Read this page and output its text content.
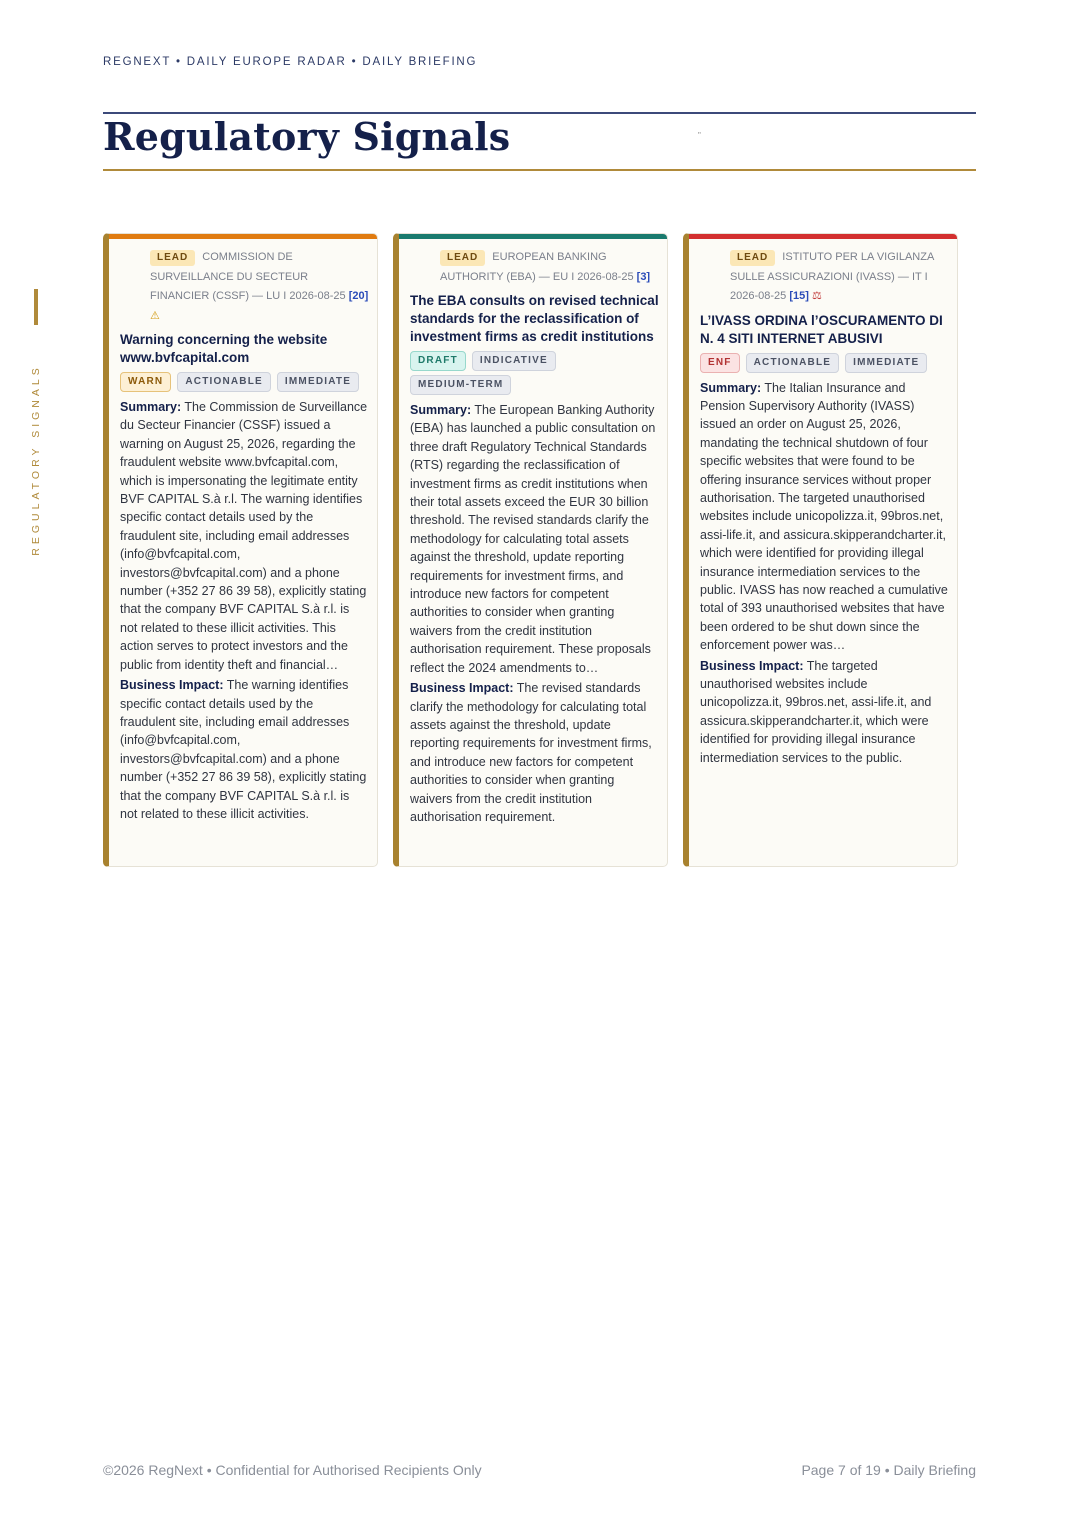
REGNEXT • DAILY EUROPE RADAR • DAILY BRIEFING
Regulatory Signals	"
REGULATORY SIGNALS
LEAD COMMISSION DE SURVEILLANCE DU SECTEUR FINANCIER (CSSF) — LU I 2026-08-25 [20] ⚠
Warning concerning the website www.bvfcapital.com
WARN ACTIONABLE IMMEDIATE

Summary: The Commission de Surveillance du Secteur Financier (CSSF) issued a warning on August 25, 2026, regarding the fraudulent website www.bvfcapital.com, which is impersonating the legitimate entity BVF CAPITAL S.à r.l. The warning identifies specific contact details used by the fraudulent site, including email addresses (info@bvfcapital.com, investors@bvfcapital.com) and a phone number (+352 27 86 39 58), explicitly stating that the company BVF CAPITAL S.à r.l. is not related to these illicit activities. This action serves to protect investors and the public from identity theft and financial…

Business Impact: The warning identifies specific contact details used by the fraudulent site, including email addresses (info@bvfcapital.com, investors@bvfcapital.com) and a phone number (+352 27 86 39 58), explicitly stating that the company BVF CAPITAL S.à r.l. is not related to these illicit activities.

LEAD EUROPEAN BANKING AUTHORITY (EBA) — EU I 2026-08-25 [3]
The EBA consults on revised technical standards for the reclassification of investment firms as credit institutions
DRAFT INDICATIVE MEDIUM-TERM

Summary: The European Banking Authority (EBA) has launched a public consultation on three draft Regulatory Technical Standards (RTS) regarding the reclassification of investment firms as credit institutions when their total assets exceed the EUR 30 billion threshold. The revised standards clarify the methodology for calculating total assets against the threshold, update reporting requirements for investment firms, and introduce new factors for competent authorities to consider when granting waivers from the credit institution authorisation requirement. These proposals reflect the 2024 amendments to…

Business Impact: The revised standards clarify the methodology for calculating total assets against the threshold, update reporting requirements for investment firms, and introduce new factors for competent authorities to consider when granting waivers from the credit institution authorisation requirement.

LEAD ISTITUTO PER LA VIGILANZA SULLE ASSICURAZIONI (IVASS) — IT I 2026-08-25 [15] ⚖
L’IVASS ORDINA l’OSCURAMENTO DI N. 4 SITI INTERNET ABUSIVI
ENF ACTIONABLE IMMEDIATE

Summary: The Italian Insurance and Pension Supervisory Authority (IVASS) issued an order on August 25, 2026, mandating the technical shutdown of four specific websites that were found to be offering insurance services without proper authorisation. The targeted unauthorised websites include unicopolizza.it, 99bros.net, assi-life.it, and assicura.skipperandcharter.it, which were identified for providing illegal insurance intermediation services to the public. IVASS has now reached a cumulative total of 393 unauthorised websites that have been ordered to be shut down since the enforcement power was…

Business Impact: The targeted unauthorised websites include unicopolizza.it, 99bros.net, assi-life.it, and assicura.skipperandcharter.it, which were identified for providing illegal insurance intermediation services to the public.

©2026 RegNext • Confidential for Authorised Recipients Only	Page 7 of 19 • Daily Briefing
